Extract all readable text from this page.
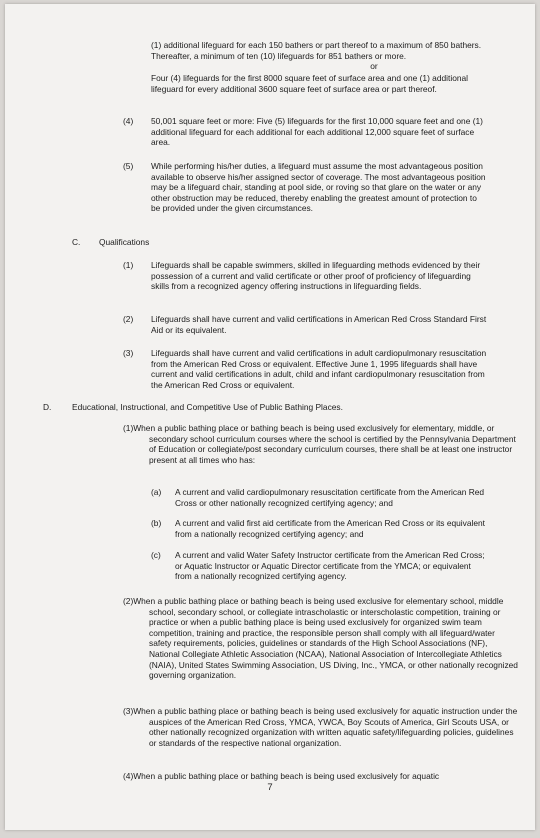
(1) additional lifeguard for each 150 bathers or part thereof to a maximum of 850 bathers. Thereafter, a minimum of ten (10) lifeguards for 851 bathers or more.
or
Four (4) lifeguards for the first 8000 square feet of surface area and one (1) additional lifeguard for every additional 3600 square feet of surface area or part thereof.
(4) 50,001 square feet or more: Five (5) lifeguards for the first 10,000 square feet and one (1) additional lifeguard for each additional for each additional 12,000 square feet of surface area.
(5) While performing his/her duties, a lifeguard must assume the most advantageous position available to observe his/her assigned sector of coverage. The most advantageous position may be a lifeguard chair, standing at pool side, or roving so that glare on the water or any other obstruction may be reduced, thereby enabling the greatest amount of protection to be provided under the given circumstances.
C. Qualifications
(1) Lifeguards shall be capable swimmers, skilled in lifeguarding methods evidenced by their possession of a current and valid certificate or other proof of proficiency of lifeguarding skills from a recognized agency offering instructions in lifeguarding fields.
(2) Lifeguards shall have current and valid certifications in American Red Cross Standard First Aid or its equivalent.
(3) Lifeguards shall have current and valid certifications in adult cardiopulmonary resuscitation from the American Red Cross or equivalent. Effective June 1, 1995 lifeguards shall have current and valid certifications in adult, child and infant cardiopulmonary resuscitation from the American Red Cross or equivalent.
D. Educational, Instructional, and Competitive Use of Public Bathing Places.
(1)When a public bathing place or bathing beach is being used exclusively for elementary, middle, or secondary school curriculum courses where the school is certified by the Pennsylvania Department of Education or collegiate/post secondary curriculum courses, there shall be at least one instructor present at all times who has:
(a) A current and valid cardiopulmonary resuscitation certificate from the American Red Cross or other nationally recognized certifying agency; and
(b) A current and valid first aid certificate from the American Red Cross or its equivalent from a nationally recognized certifying agency; and
(c) A current and valid Water Safety Instructor certificate from the American Red Cross; or Aquatic Instructor or Aquatic Director certificate from the YMCA; or equivalent from a nationally recognized certifying agency.
(2)When a public bathing place or bathing beach is being used exclusive for elementary school, middle school, secondary school, or collegiate intrascholastic or interscholastic competition, training or practice or when a public bathing place is being used exclusively for organized swim team competition, training and practice, the responsible person shall comply with all lifeguard/water safety requirements, policies, guidelines or standards of the High School Associations (NF), National Collegiate Athletic Association (NCAA), National Association of Intercollegiate Athletics (NAIA), United States Swimming Association, US Diving, Inc., YMCA, or other nationally recognized governing organization.
(3)When a public bathing place or bathing beach is being used exclusively for aquatic instruction under the auspices of the American Red Cross, YMCA, YWCA, Boy Scouts of America, Girl Scouts USA, or other nationally recognized organization with written aquatic safety/lifeguarding policies, guidelines or standards of the respective national organization.
(4)When a public bathing place or bathing beach is being used exclusively for aquatic
7
